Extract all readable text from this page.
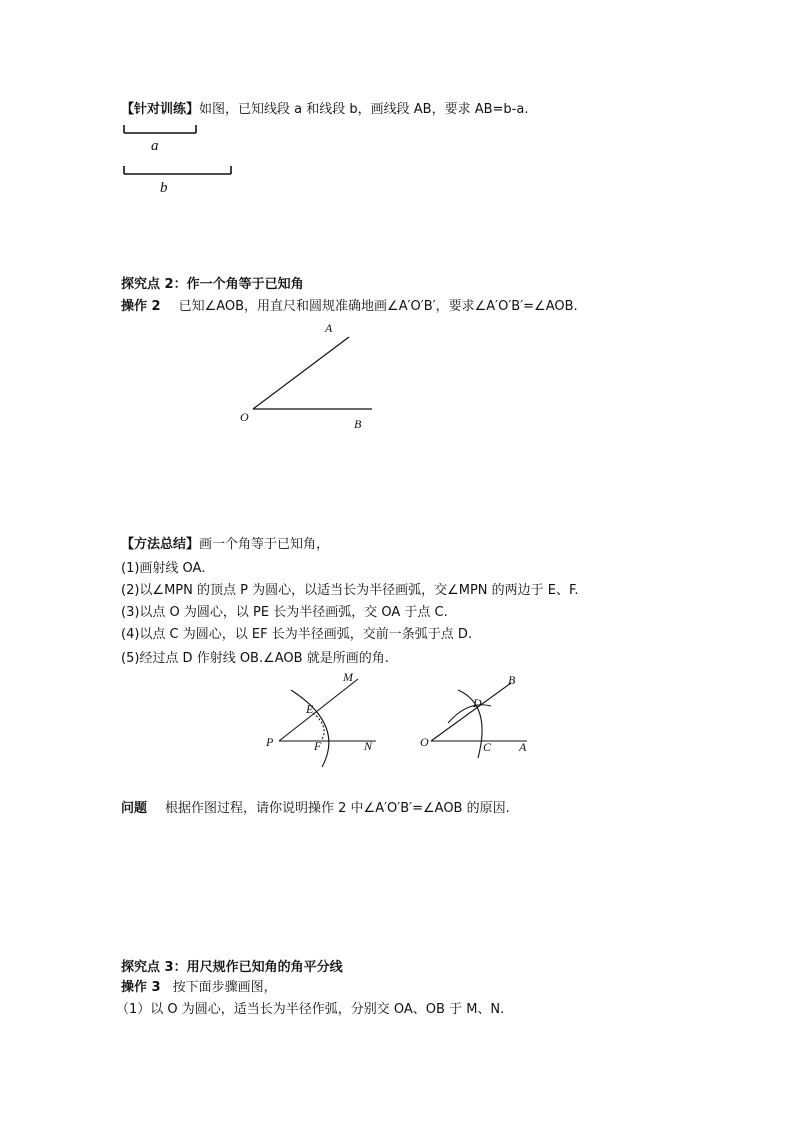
【针对训练】如图，已知线段 a 和线段 b，画线段 AB，要求 AB=b-a.
a
b
探究点 2：作一个角等于已知角
操作 2 已知∠AOB，用直尺和圆规准确地画∠A′O′B′，要求∠A′O′B′=∠AOB.
A
O	B
【方法总结】画一个角等于已知角，
(1)画射线 OA.
(2)以∠MPN 的顶点 P 为圆心，以适当长为半径画弧，交∠MPN 的两边于 E、F.
(3)以点 O 为圆心，以 PE 长为半径画弧，交 OA 于点 C.
(4)以点 C 为圆心，以 EF 长为半径画弧，交前一条弧于点 D.
(5)经过点 D 作射线 OB.∠AOB 就是所画的角.
M
E
P	F	N
B
D
O	C A
问题 根据作图过程，请你说明操作 2 中∠A′O′B′=∠AOB 的原因.
探究点 3：用尺规作已知角的角平分线
操作 3 按下面步骤画图，
（1）以 O 为圆心，适当长为半径作弧，分别交 OA、OB 于 M、N.
